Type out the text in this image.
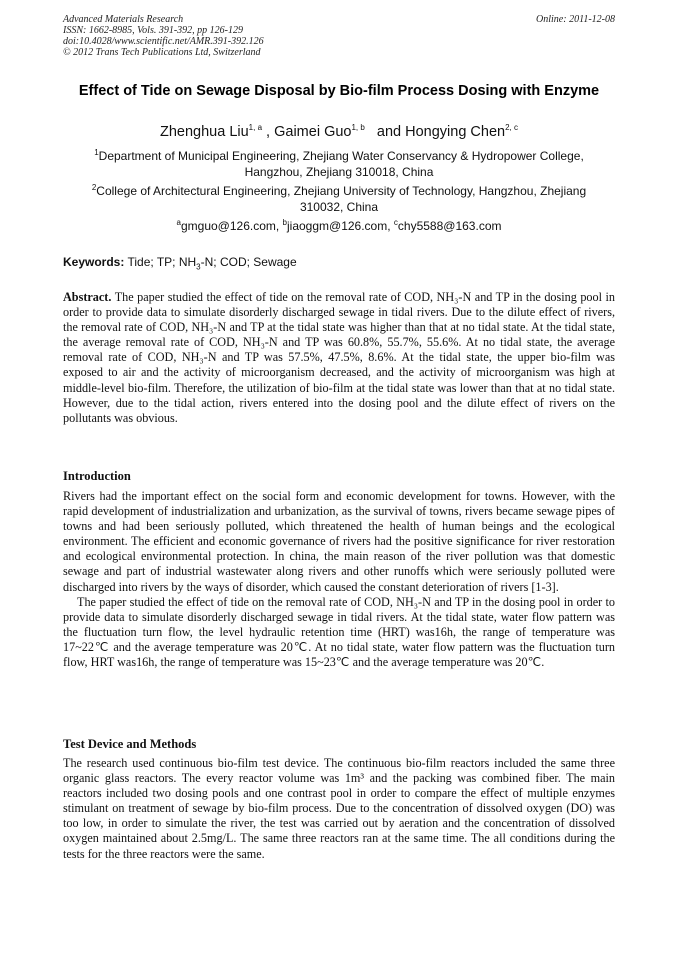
Advanced Materials Research
ISSN: 1662-8985, Vols. 391-392, pp 126-129
doi:10.4028/www.scientific.net/AMR.391-392.126
© 2012 Trans Tech Publications Ltd, Switzerland
Online: 2011-12-08
Effect of Tide on Sewage Disposal by Bio-film Process Dosing with Enzyme
Zhenghua Liu$^{1, a}$ , Gaimei Guo$^{1, b}$   and Hongying Chen$^{2, c}$
$^1$Department of Municipal Engineering, Zhejiang Water Conservancy & Hydropower College, Hangzhou, Zhejiang 310018, China
$^2$College of Architectural Engineering, Zhejiang University of Technology, Hangzhou, Zhejiang 310032, China
$^a$gmguo@126.com, $^b$jiaoggm@126.com, $^c$chy5588@163.com
Keywords: Tide; TP; $NH_3-N$; COD; Sewage
Abstract. The paper studied the effect of tide on the removal rate of COD, NH₃-N and TP in the dosing pool in order to provide data to simulate disorderly discharged sewage in tidal rivers. Due to the dilute effect of rivers, the removal rate of COD, NH₃-N and TP at the tidal state was higher than that at no tidal state. At the tidal state, the average removal rate of COD, NH₃-N and TP was 60.8%, 55.7%, 55.6%. At no tidal state, the average removal rate of COD, NH₃-N and TP was 57.5%, 47.5%, 8.6%. At the tidal state, the upper bio-film was exposed to air and the activity of microorganism decreased, and the activity of microorganism was high at middle-level bio-film. Therefore, the utilization of bio-film at the tidal state was lower than that at no tidal state. However, due to the tidal action, rivers entered into the dosing pool and the dilute effect of rivers on the pollutants was obvious.
Introduction

Rivers had the important effect on the social form and economic development for towns. However, with the rapid development of industrialization and urbanization, as the survival of towns, rivers became sewage pipes of towns and had been seriously polluted, which threatened the health of human beings and the ecological environment. The efficient and economic governance of rivers had the positive significance for river restoration and ecological environmental protection. In china, the main reason of the river pollution was that domestic sewage and part of industrial wastewater along rivers and other runoffs which were seriously polluted were discharged into rivers by the ways of disorder, which caused the constant deterioration of rivers [1-3].

The paper studied the effect of tide on the removal rate of COD, NH₃-N and TP in the dosing pool in order to provide data to simulate disorderly discharged sewage in tidal rivers. At the tidal state, water flow pattern was the fluctuation turn flow, the level hydraulic retention time (HRT) was16h, the range of temperature was 17~22℃ and the average temperature was 20℃. At no tidal state, water flow pattern was the fluctuation turn flow, HRT was16h, the range of temperature was 15~23℃ and the average temperature was 20℃.

Test Device and Methods

The research used continuous bio-film test device. The continuous bio-film reactors included the same three organic glass reactors. The every reactor volume was 1m³ and the packing was combined fiber. The main reactors included two dosing pools and one contrast pool in order to compare the effect of multiple enzymes stimulant on treatment of sewage by bio-film process. Due to the concentration of dissolved oxygen (DO) was too low, in order to simulate the river, the test was carried out by aeration and the concentration of dissolved oxygen maintained about 2.5mg/L. The same three reactors ran at the same time. The all conditions during the tests for the three reactors were the same.
